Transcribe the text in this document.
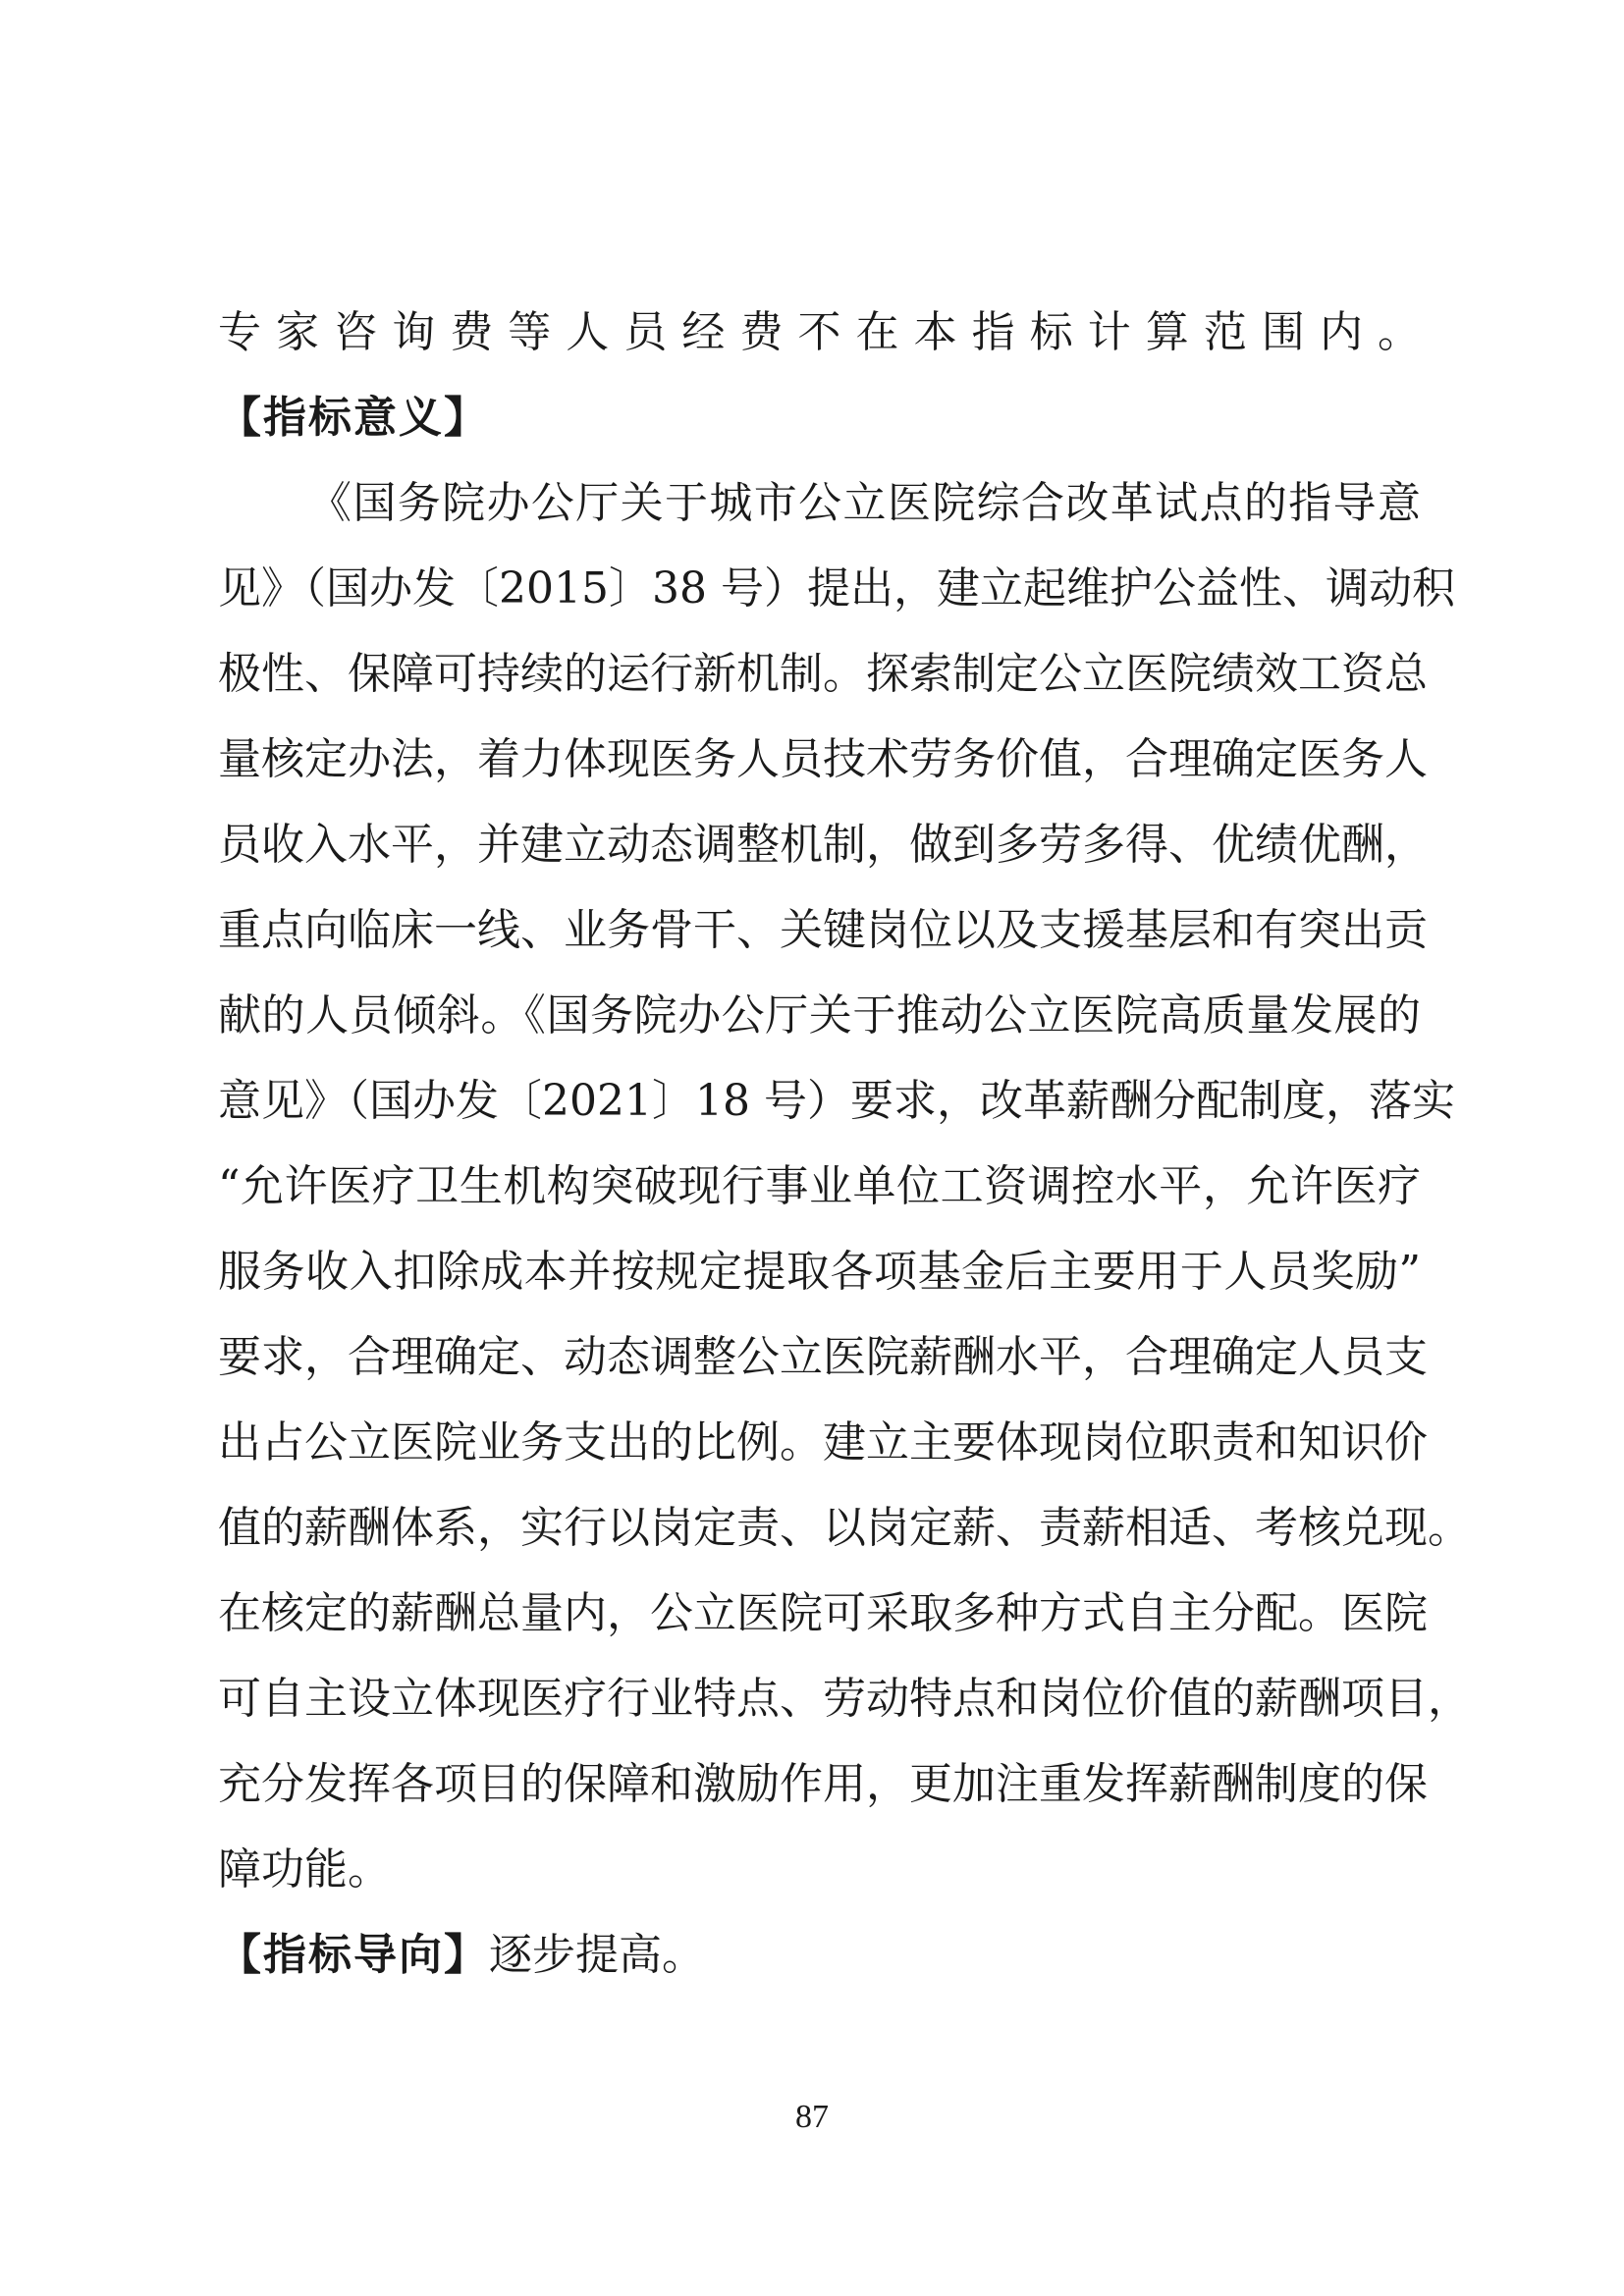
专家咨询费等人员经费不在本指标计算范围内。
【指标意义】
《国务院办公厅关于城市公立医院综合改革试点的指导意
见》（国办发〔2015〕38 号）提出，建立起维护公益性、调动积
极性、保障可持续的运行新机制。探索制定公立医院绩效工资总
量核定办法，着力体现医务人员技术劳务价值，合理确定医务人
员收入水平，并建立动态调整机制，做到多劳多得、优绩优酬，
重点向临床一线、业务骨干、关键岗位以及支援基层和有突出贡
献的人员倾斜。《国务院办公厅关于推动公立医院高质量发展的
意见》（国办发〔2021〕18 号）要求，改革薪酬分配制度，落实
“允许医疗卫生机构突破现行事业单位工资调控水平，允许医疗
服务收入扣除成本并按规定提取各项基金后主要用于人员奖励”
要求，合理确定、动态调整公立医院薪酬水平，合理确定人员支
出占公立医院业务支出的比例。建立主要体现岗位职责和知识价
值的薪酬体系，实行以岗定责、以岗定薪、责薪相适、考核兑现。
在核定的薪酬总量内，公立医院可采取多种方式自主分配。医院
可自主设立体现医疗行业特点、劳动特点和岗位价值的薪酬项目，
充分发挥各项目的保障和激励作用，更加注重发挥薪酬制度的保
障功能。
【指标导向】逐步提高。
87
